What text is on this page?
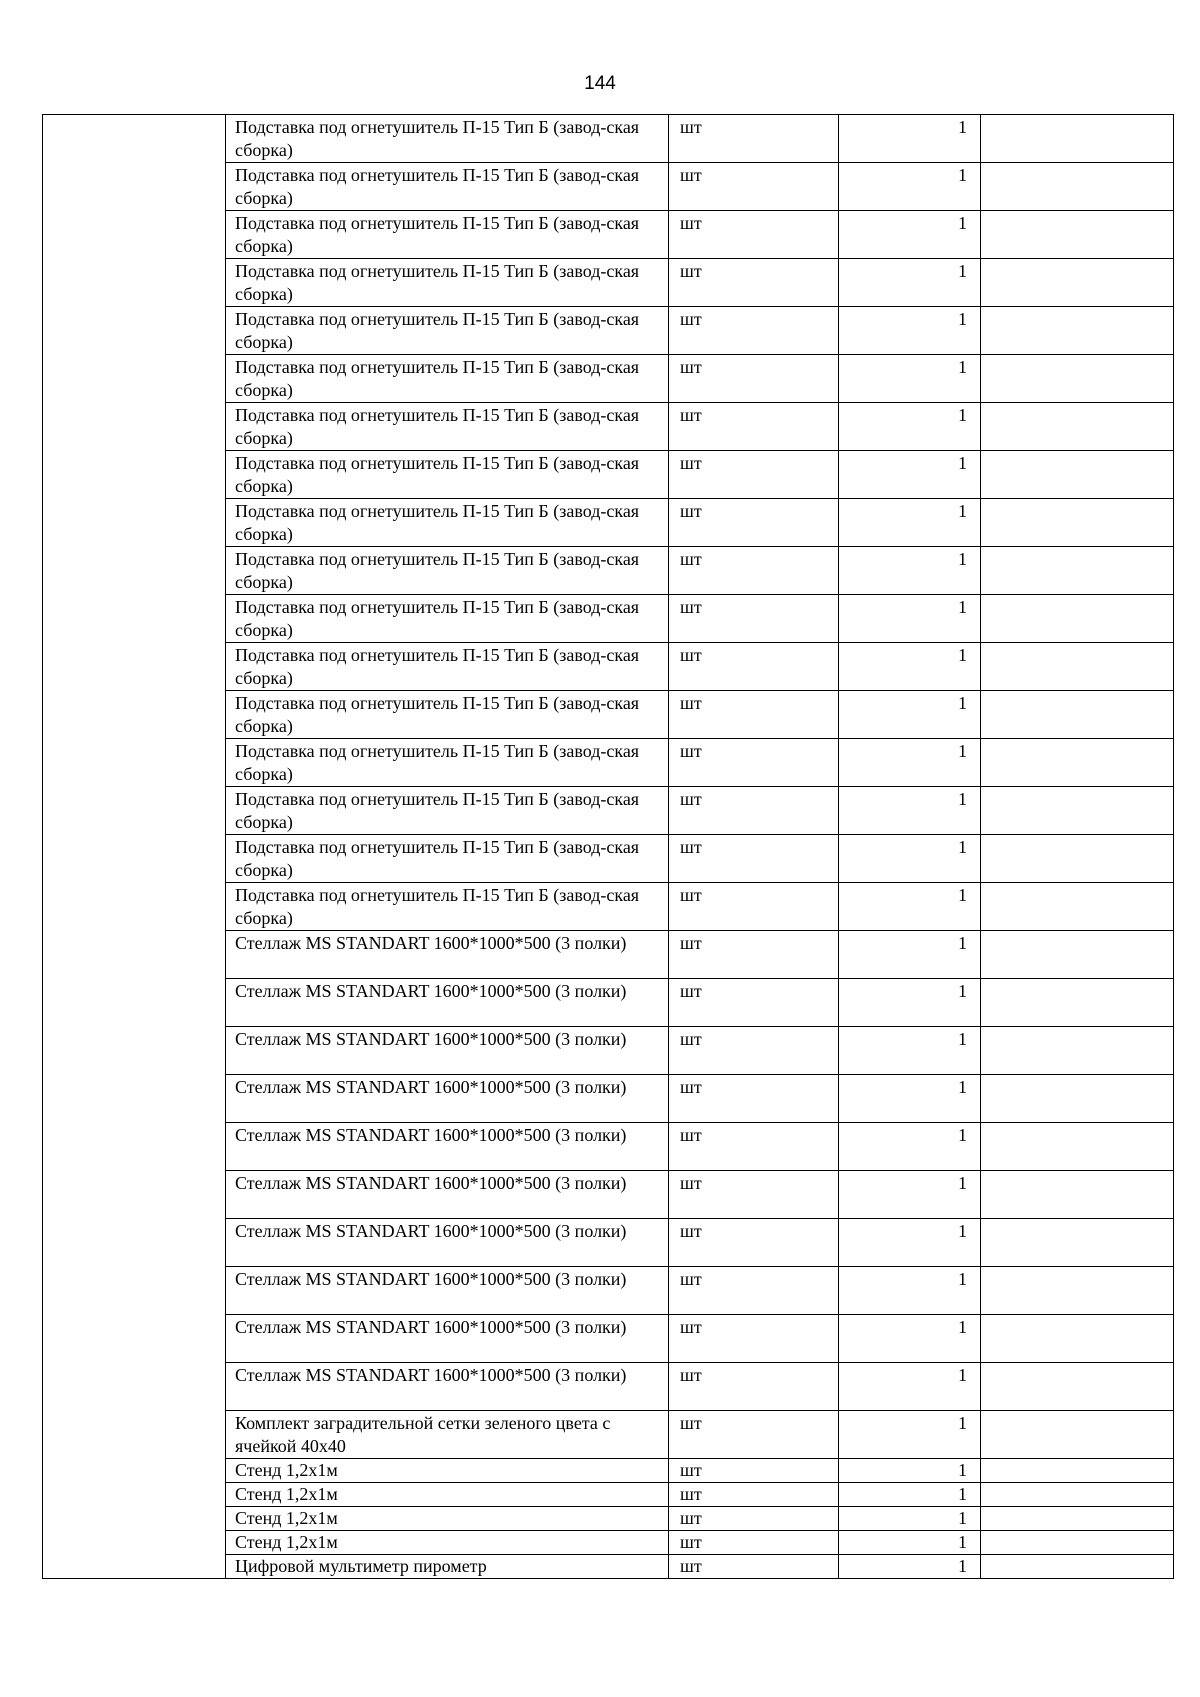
144
	Подставка под огнетушитель П-15 Тип Б (завод-ская сборка)	шт	1	
	Подставка под огнетушитель П-15 Тип Б (завод-ская сборка)	шт	1	
	Подставка под огнетушитель П-15 Тип Б (завод-ская сборка)	шт	1	
	Подставка под огнетушитель П-15 Тип Б (завод-ская сборка)	шт	1	
	Подставка под огнетушитель П-15 Тип Б (завод-ская сборка)	шт	1	
	Подставка под огнетушитель П-15 Тип Б (завод-ская сборка)	шт	1	
	Подставка под огнетушитель П-15 Тип Б (завод-ская сборка)	шт	1	
	Подставка под огнетушитель П-15 Тип Б (завод-ская сборка)	шт	1	
	Подставка под огнетушитель П-15 Тип Б (завод-ская сборка)	шт	1	
	Подставка под огнетушитель П-15 Тип Б (завод-ская сборка)	шт	1	
	Подставка под огнетушитель П-15 Тип Б (завод-ская сборка)	шт	1	
	Подставка под огнетушитель П-15 Тип Б (завод-ская сборка)	шт	1	
	Подставка под огнетушитель П-15 Тип Б (завод-ская сборка)	шт	1	
	Подставка под огнетушитель П-15 Тип Б (завод-ская сборка)	шт	1	
	Подставка под огнетушитель П-15 Тип Б (завод-ская сборка)	шт	1	
	Подставка под огнетушитель П-15 Тип Б (завод-ская сборка)	шт	1	
	Подставка под огнетушитель П-15 Тип Б (завод-ская сборка)	шт	1	
	Стеллаж MS STANDART 1600*1000*500 (3 полки)	шт	1	
	Стеллаж MS STANDART 1600*1000*500 (3 полки)	шт	1	
	Стеллаж MS STANDART 1600*1000*500 (3 полки)	шт	1	
	Стеллаж MS STANDART 1600*1000*500 (3 полки)	шт	1	
	Стеллаж MS STANDART 1600*1000*500 (3 полки)	шт	1	
	Стеллаж MS STANDART 1600*1000*500 (3 полки)	шт	1	
	Стеллаж MS STANDART 1600*1000*500 (3 полки)	шт	1	
	Стеллаж MS STANDART 1600*1000*500 (3 полки)	шт	1	
	Стеллаж MS STANDART 1600*1000*500 (3 полки)	шт	1	
	Стеллаж MS STANDART 1600*1000*500 (3 полки)	шт	1	
	Комплект заградительной сетки зеленого цвета с ячейкой 40х40	шт	1	
	Стенд 1,2х1м	шт	1	
	Стенд 1,2х1м	шт	1	
	Стенд 1,2х1м	шт	1	
	Стенд 1,2х1м	шт	1	
	Цифровой мультиметр пирометр	шт	1	
